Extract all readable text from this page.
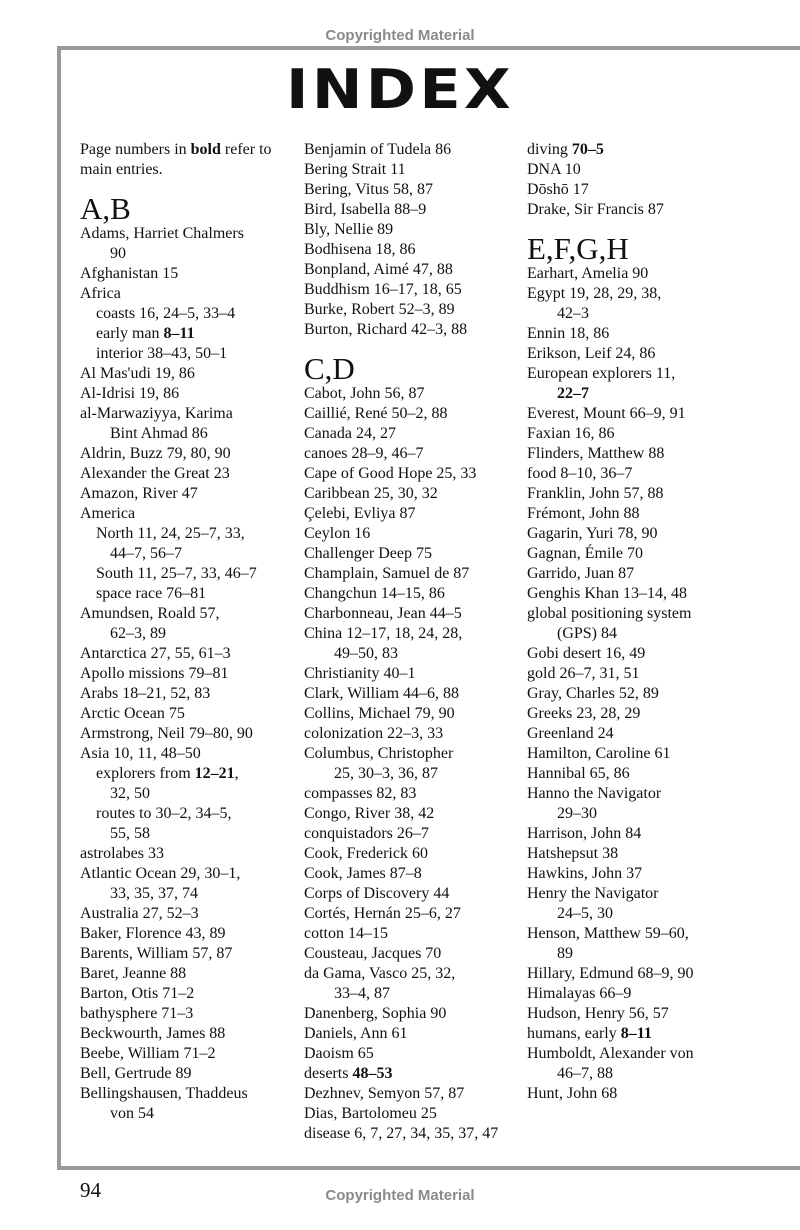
Copyrighted Material
INDEX

Page numbers in bold refer to main entries.

A,B
Adams, Harriet Chalmers
90
Afghanistan 15
Africa
coasts 16, 24–5, 33–4
early man 8–11
interior 38–43, 50–1
Al Mas'udi 19, 86
Al-Idrisi 19, 86
al-Marwaziyya, Karima
Bint Ahmad 86
Aldrin, Buzz 79, 80, 90
Alexander the Great 23
Amazon, River 47
America
North 11, 24, 25–7, 33,
44–7, 56–7
South 11, 25–7, 33, 46–7
space race 76–81
Amundsen, Roald 57,
62–3, 89
Antarctica 27, 55, 61–3
Apollo missions 79–81
Arabs 18–21, 52, 83
Arctic Ocean 75
Armstrong, Neil 79–80, 90
Asia 10, 11, 48–50
explorers from 12–21,
32, 50
routes to 30–2, 34–5,
55, 58
astrolabes 33
Atlantic Ocean 29, 30–1,
33, 35, 37, 74
Australia 27, 52–3
Baker, Florence 43, 89
Barents, William 57, 87
Baret, Jeanne 88
Barton, Otis 71–2
bathysphere 71–3
Beckwourth, James 88
Beebe, William 71–2
Bell, Gertrude 89
Bellingshausen, Thaddeus
von 54
Benjamin of Tudela 86
Bering Strait 11
Bering, Vitus 58, 87
Bird, Isabella 88–9
Bly, Nellie 89
Bodhisena 18, 86
Bonpland, Aimé 47, 88
Buddhism 16–17, 18, 65
Burke, Robert 52–3, 89
Burton, Richard 42–3, 88
C,D
Cabot, John 56, 87
Caillié, René 50–2, 88
Canada 24, 27
canoes 28–9, 46–7
Cape of Good Hope 25, 33
Caribbean 25, 30, 32
Çelebi, Evliya 87
Ceylon 16
Challenger Deep 75
Champlain, Samuel de 87
Changchun 14–15, 86
Charbonneau, Jean 44–5
China 12–17, 18, 24, 28,
49–50, 83
Christianity 40–1
Clark, William 44–6, 88
Collins, Michael 79, 90
colonization 22–3, 33
Columbus, Christopher
25, 30–3, 36, 87
compasses 82, 83
Congo, River 38, 42
conquistadors 26–7
Cook, Frederick 60
Cook, James 87–8
Corps of Discovery 44
Cortés, Hernán 25–6, 27
cotton 14–15
Cousteau, Jacques 70
da Gama, Vasco 25, 32,
33–4, 87
Danenberg, Sophia 90
Daniels, Ann 61
Daoism 65
deserts 48–53
Dezhnev, Semyon 57, 87
Dias, Bartolomeu 25
disease 6, 7, 27, 34, 35, 37, 47
diving 70–5
DNA 10
Dōshō 17
Drake, Sir Francis 87
E,F,G,H
Earhart, Amelia 90
Egypt 19, 28, 29, 38,
42–3
Ennin 18, 86
Erikson, Leif 24, 86
European explorers 11,
22–7
Everest, Mount 66–9, 91
Faxian 16, 86
Flinders, Matthew 88
food 8–10, 36–7
Franklin, John 57, 88
Frémont, John 88
Gagarin, Yuri 78, 90
Gagnan, Émile 70
Garrido, Juan 87
Genghis Khan 13–14, 48
global positioning system
(GPS) 84
Gobi desert 16, 49
gold 26–7, 31, 51
Gray, Charles 52, 89
Greeks 23, 28, 29
Greenland 24
Hamilton, Caroline 61
Hannibal 65, 86
Hanno the Navigator
29–30
Harrison, John 84
Hatshepsut 38
Hawkins, John 37
Henry the Navigator
24–5, 30
Henson, Matthew 59–60,
89
Hillary, Edmund 68–9, 90
Himalayas 66–9
Hudson, Henry 56, 57
humans, early 8–11
Humboldt, Alexander von
46–7, 88
Hunt, John 68
94	Copyrighted Material
